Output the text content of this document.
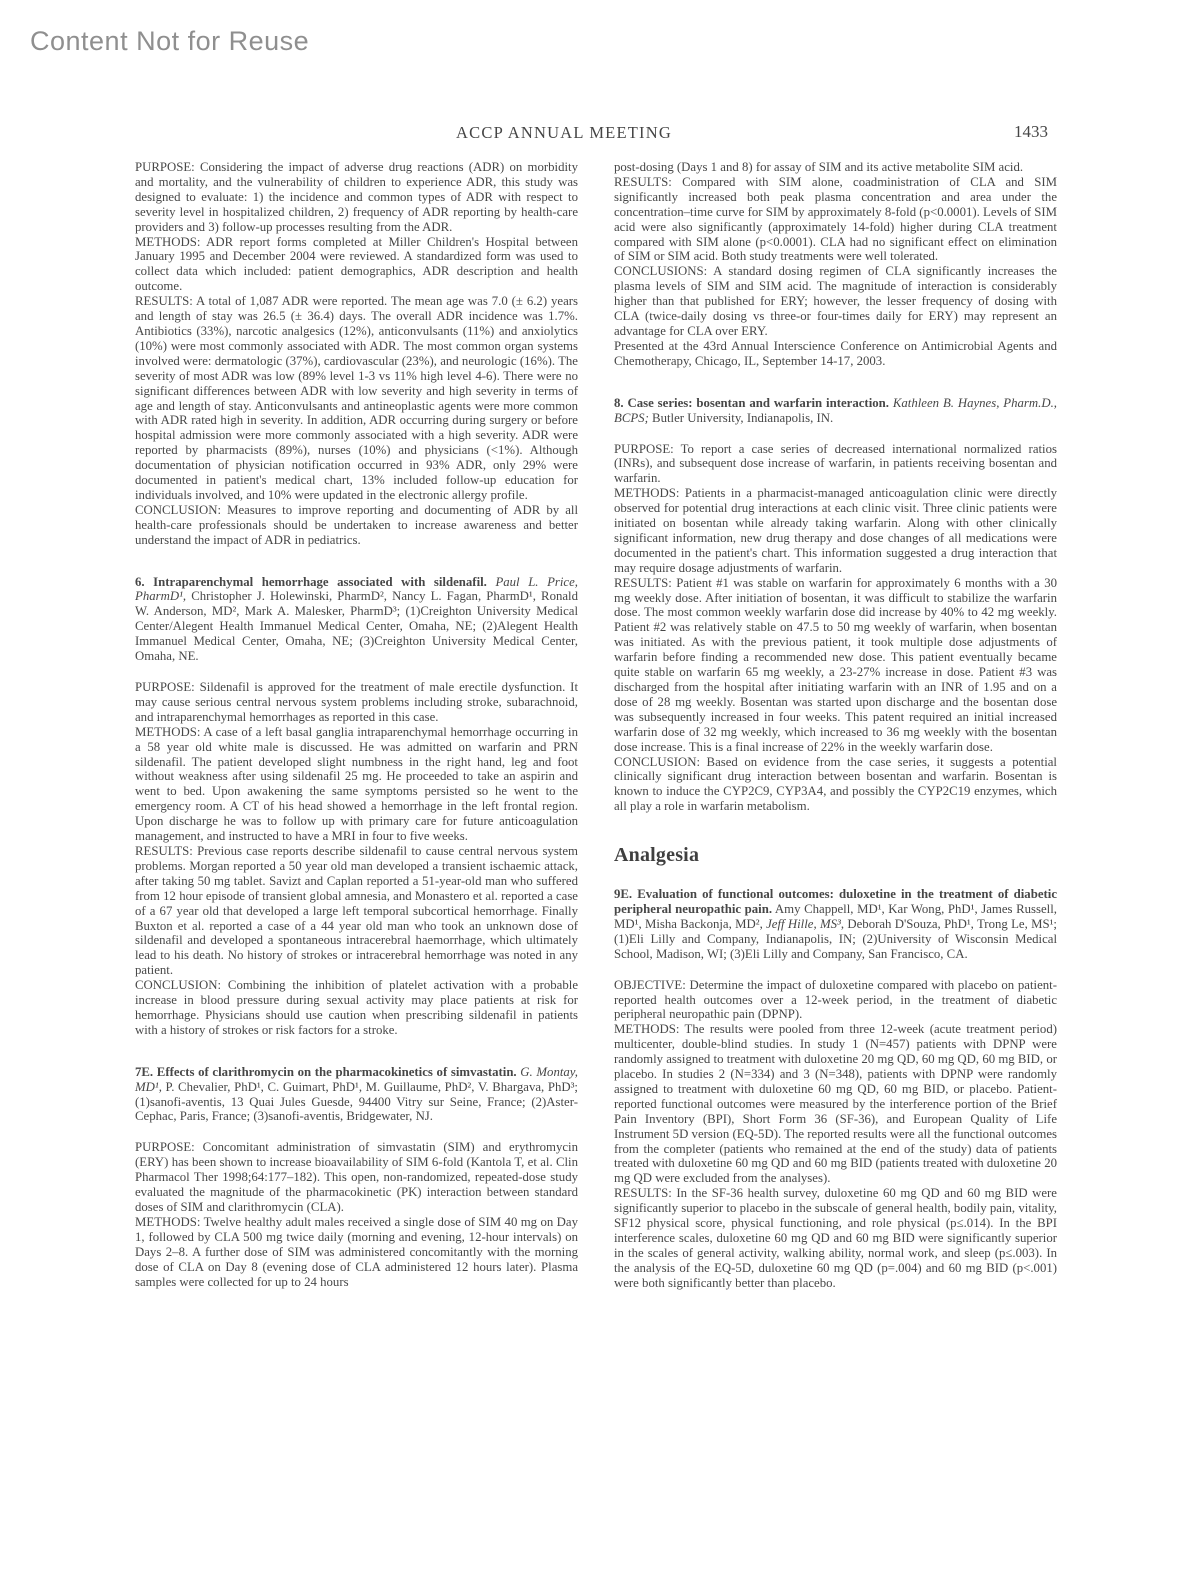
Content Not for Reuse
ACCP ANNUAL MEETING	1433

PURPOSE: Considering the impact of adverse drug reactions (ADR) on morbidity and mortality, and the vulnerability of children to experience ADR, this study was designed to evaluate: 1) the incidence and common types of ADR with respect to severity level in hospitalized children, 2) frequency of ADR reporting by health-care providers and 3) follow-up processes resulting from the ADR.

METHODS: ADR report forms completed at Miller Children's Hospital between January 1995 and December 2004 were reviewed. A standardized form was used to collect data which included: patient demographics, ADR description and health outcome.

RESULTS: A total of 1,087 ADR were reported. The mean age was 7.0 (± 6.2) years and length of stay was 26.5 (± 36.4) days. The overall ADR incidence was 1.7%. Antibiotics (33%), narcotic analgesics (12%), anticonvulsants (11%) and anxiolytics (10%) were most commonly associated with ADR. The most common organ systems involved were: dermatologic (37%), cardiovascular (23%), and neurologic (16%). The severity of most ADR was low (89% level 1-3 vs 11% high level 4-6). There were no significant differences between ADR with low severity and high severity in terms of age and length of stay. Anticonvulsants and antineoplastic agents were more common with ADR rated high in severity. In addition, ADR occurring during surgery or before hospital admission were more commonly associated with a high severity. ADR were reported by pharmacists (89%), nurses (10%) and physicians (<1%). Although documentation of physician notification occurred in 93% ADR, only 29% were documented in patient's medical chart, 13% included follow-up education for individuals involved, and 10% were updated in the electronic allergy profile.

CONCLUSION: Measures to improve reporting and documenting of ADR by all health-care professionals should be undertaken to increase awareness and better understand the impact of ADR in pediatrics.

6. Intraparenchymal hemorrhage associated with sildenafil. Paul L. Price, PharmD¹, Christopher J. Holewinski, PharmD², Nancy L. Fagan, PharmD¹, Ronald W. Anderson, MD², Mark A. Malesker, PharmD³; (1)Creighton University Medical Center/Alegent Health Immanuel Medical Center, Omaha, NE; (2)Alegent Health Immanuel Medical Center, Omaha, NE; (3)Creighton University Medical Center, Omaha, NE.

PURPOSE: Sildenafil is approved for the treatment of male erectile dysfunction. It may cause serious central nervous system problems including stroke, subarachnoid, and intraparenchymal hemorrhages as reported in this case.

METHODS: A case of a left basal ganglia intraparenchymal hemorrhage occurring in a 58 year old white male is discussed. He was admitted on warfarin and PRN sildenafil. The patient developed slight numbness in the right hand, leg and foot without weakness after using sildenafil 25 mg. He proceeded to take an aspirin and went to bed. Upon awakening the same symptoms persisted so he went to the emergency room. A CT of his head showed a hemorrhage in the left frontal region. Upon discharge he was to follow up with primary care for future anticoagulation management, and instructed to have a MRI in four to five weeks.

RESULTS: Previous case reports describe sildenafil to cause central nervous system problems. Morgan reported a 50 year old man developed a transient ischaemic attack, after taking 50 mg tablet. Savizt and Caplan reported a 51-year-old man who suffered from 12 hour episode of transient global amnesia, and Monastero et al. reported a case of a 67 year old that developed a large left temporal subcortical hemorrhage. Finally Buxton et al. reported a case of a 44 year old man who took an unknown dose of sildenafil and developed a spontaneous intracerebral haemorrhage, which ultimately lead to his death. No history of strokes or intracerebral hemorrhage was noted in any patient.

CONCLUSION: Combining the inhibition of platelet activation with a probable increase in blood pressure during sexual activity may place patients at risk for hemorrhage. Physicians should use caution when prescribing sildenafil in patients with a history of strokes or risk factors for a stroke.

7E. Effects of clarithromycin on the pharmacokinetics of simvastatin. G. Montay, MD¹, P. Chevalier, PhD¹, C. Guimart, PhD¹, M. Guillaume, PhD², V. Bhargava, PhD³; (1)sanofi-aventis, 13 Quai Jules Guesde, 94400 Vitry sur Seine, France; (2)Aster-Cephac, Paris, France; (3)sanofi-aventis, Bridgewater, NJ.

PURPOSE: Concomitant administration of simvastatin (SIM) and erythromycin (ERY) has been shown to increase bioavailability of SIM 6-fold (Kantola T, et al. Clin Pharmacol Ther 1998;64:177–182). This open, non-randomized, repeated-dose study evaluated the magnitude of the pharmacokinetic (PK) interaction between standard doses of SIM and clarithromycin (CLA).

METHODS: Twelve healthy adult males received a single dose of SIM 40 mg on Day 1, followed by CLA 500 mg twice daily (morning and evening, 12-hour intervals) on Days 2–8. A further dose of SIM was administered concomitantly with the morning dose of CLA on Day 8 (evening dose of CLA administered 12 hours later). Plasma samples were collected for up to 24 hours

post-dosing (Days 1 and 8) for assay of SIM and its active metabolite SIM acid.

RESULTS: Compared with SIM alone, coadministration of CLA and SIM significantly increased both peak plasma concentration and area under the concentration–time curve for SIM by approximately 8-fold (p<0.0001). Levels of SIM acid were also significantly (approximately 14-fold) higher during CLA treatment compared with SIM alone (p<0.0001). CLA had no significant effect on elimination of SIM or SIM acid. Both study treatments were well tolerated.

CONCLUSIONS: A standard dosing regimen of CLA significantly increases the plasma levels of SIM and SIM acid. The magnitude of interaction is considerably higher than that published for ERY; however, the lesser frequency of dosing with CLA (twice-daily dosing vs three-or four-times daily for ERY) may represent an advantage for CLA over ERY.

Presented at the 43rd Annual Interscience Conference on Antimicrobial Agents and Chemotherapy, Chicago, IL, September 14-17, 2003.

8. Case series: bosentan and warfarin interaction. Kathleen B. Haynes, Pharm.D., BCPS; Butler University, Indianapolis, IN.

PURPOSE: To report a case series of decreased international normalized ratios (INRs), and subsequent dose increase of warfarin, in patients receiving bosentan and warfarin.

METHODS: Patients in a pharmacist-managed anticoagulation clinic were directly observed for potential drug interactions at each clinic visit. Three clinic patients were initiated on bosentan while already taking warfarin. Along with other clinically significant information, new drug therapy and dose changes of all medications were documented in the patient's chart. This information suggested a drug interaction that may require dosage adjustments of warfarin.

RESULTS: Patient #1 was stable on warfarin for approximately 6 months with a 30 mg weekly dose. After initiation of bosentan, it was difficult to stabilize the warfarin dose. The most common weekly warfarin dose did increase by 40% to 42 mg weekly. Patient #2 was relatively stable on 47.5 to 50 mg weekly of warfarin, when bosentan was initiated. As with the previous patient, it took multiple dose adjustments of warfarin before finding a recommended new dose. This patient eventually became quite stable on warfarin 65 mg weekly, a 23-27% increase in dose. Patient #3 was discharged from the hospital after initiating warfarin with an INR of 1.95 and on a dose of 28 mg weekly. Bosentan was started upon discharge and the bosentan dose was subsequently increased in four weeks. This patent required an initial increased warfarin dose of 32 mg weekly, which increased to 36 mg weekly with the bosentan dose increase. This is a final increase of 22% in the weekly warfarin dose.

CONCLUSION: Based on evidence from the case series, it suggests a potential clinically significant drug interaction between bosentan and warfarin. Bosentan is known to induce the CYP2C9, CYP3A4, and possibly the CYP2C19 enzymes, which all play a role in warfarin metabolism.

Analgesia

9E. Evaluation of functional outcomes: duloxetine in the treatment of diabetic peripheral neuropathic pain. Amy Chappell, MD¹, Kar Wong, PhD¹, James Russell, MD¹, Misha Backonja, MD², Jeff Hille, MS³, Deborah D'Souza, PhD¹, Trong Le, MS¹; (1)Eli Lilly and Company, Indianapolis, IN; (2)University of Wisconsin Medical School, Madison, WI; (3)Eli Lilly and Company, San Francisco, CA.

OBJECTIVE: Determine the impact of duloxetine compared with placebo on patient-reported health outcomes over a 12-week period, in the treatment of diabetic peripheral neuropathic pain (DPNP).

METHODS: The results were pooled from three 12-week (acute treatment period) multicenter, double-blind studies. In study 1 (N=457) patients with DPNP were randomly assigned to treatment with duloxetine 20 mg QD, 60 mg QD, 60 mg BID, or placebo. In studies 2 (N=334) and 3 (N=348), patients with DPNP were randomly assigned to treatment with duloxetine 60 mg QD, 60 mg BID, or placebo. Patient-reported functional outcomes were measured by the interference portion of the Brief Pain Inventory (BPI), Short Form 36 (SF-36), and European Quality of Life Instrument 5D version (EQ-5D). The reported results were all the functional outcomes from the completer (patients who remained at the end of the study) data of patients treated with duloxetine 60 mg QD and 60 mg BID (patients treated with duloxetine 20 mg QD were excluded from the analyses).

RESULTS: In the SF-36 health survey, duloxetine 60 mg QD and 60 mg BID were significantly superior to placebo in the subscale of general health, bodily pain, vitality, SF12 physical score, physical functioning, and role physical (p≤.014). In the BPI interference scales, duloxetine 60 mg QD and 60 mg BID were significantly superior in the scales of general activity, walking ability, normal work, and sleep (p≤.003). In the analysis of the EQ-5D, duloxetine 60 mg QD (p=.004) and 60 mg BID (p<.001) were both significantly better than placebo.
